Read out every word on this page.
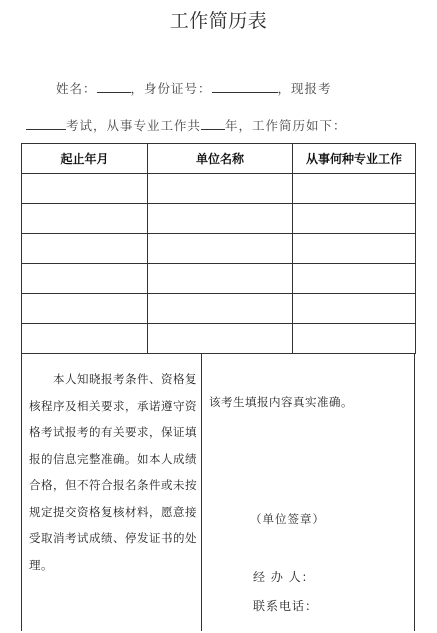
工作简历表
姓名：	，身份证号：	，现报考
考试，从事专业工作共 年，工作简历如下：
起止年月	单位名称	从事何种专业工作

本人知晓报考条件、资格复核程序及相关要求，承诺遵守资格考试报考的有关要求，保证填报的信息完整准确。如本人成绩合格，但不符合报名条件或未按规定提交资格复核材料，愿意接受取消考试成绩、停发证书的处理。
该考生填报内容真实准确。
（单位签章）
经 办 人：
联系电话：
